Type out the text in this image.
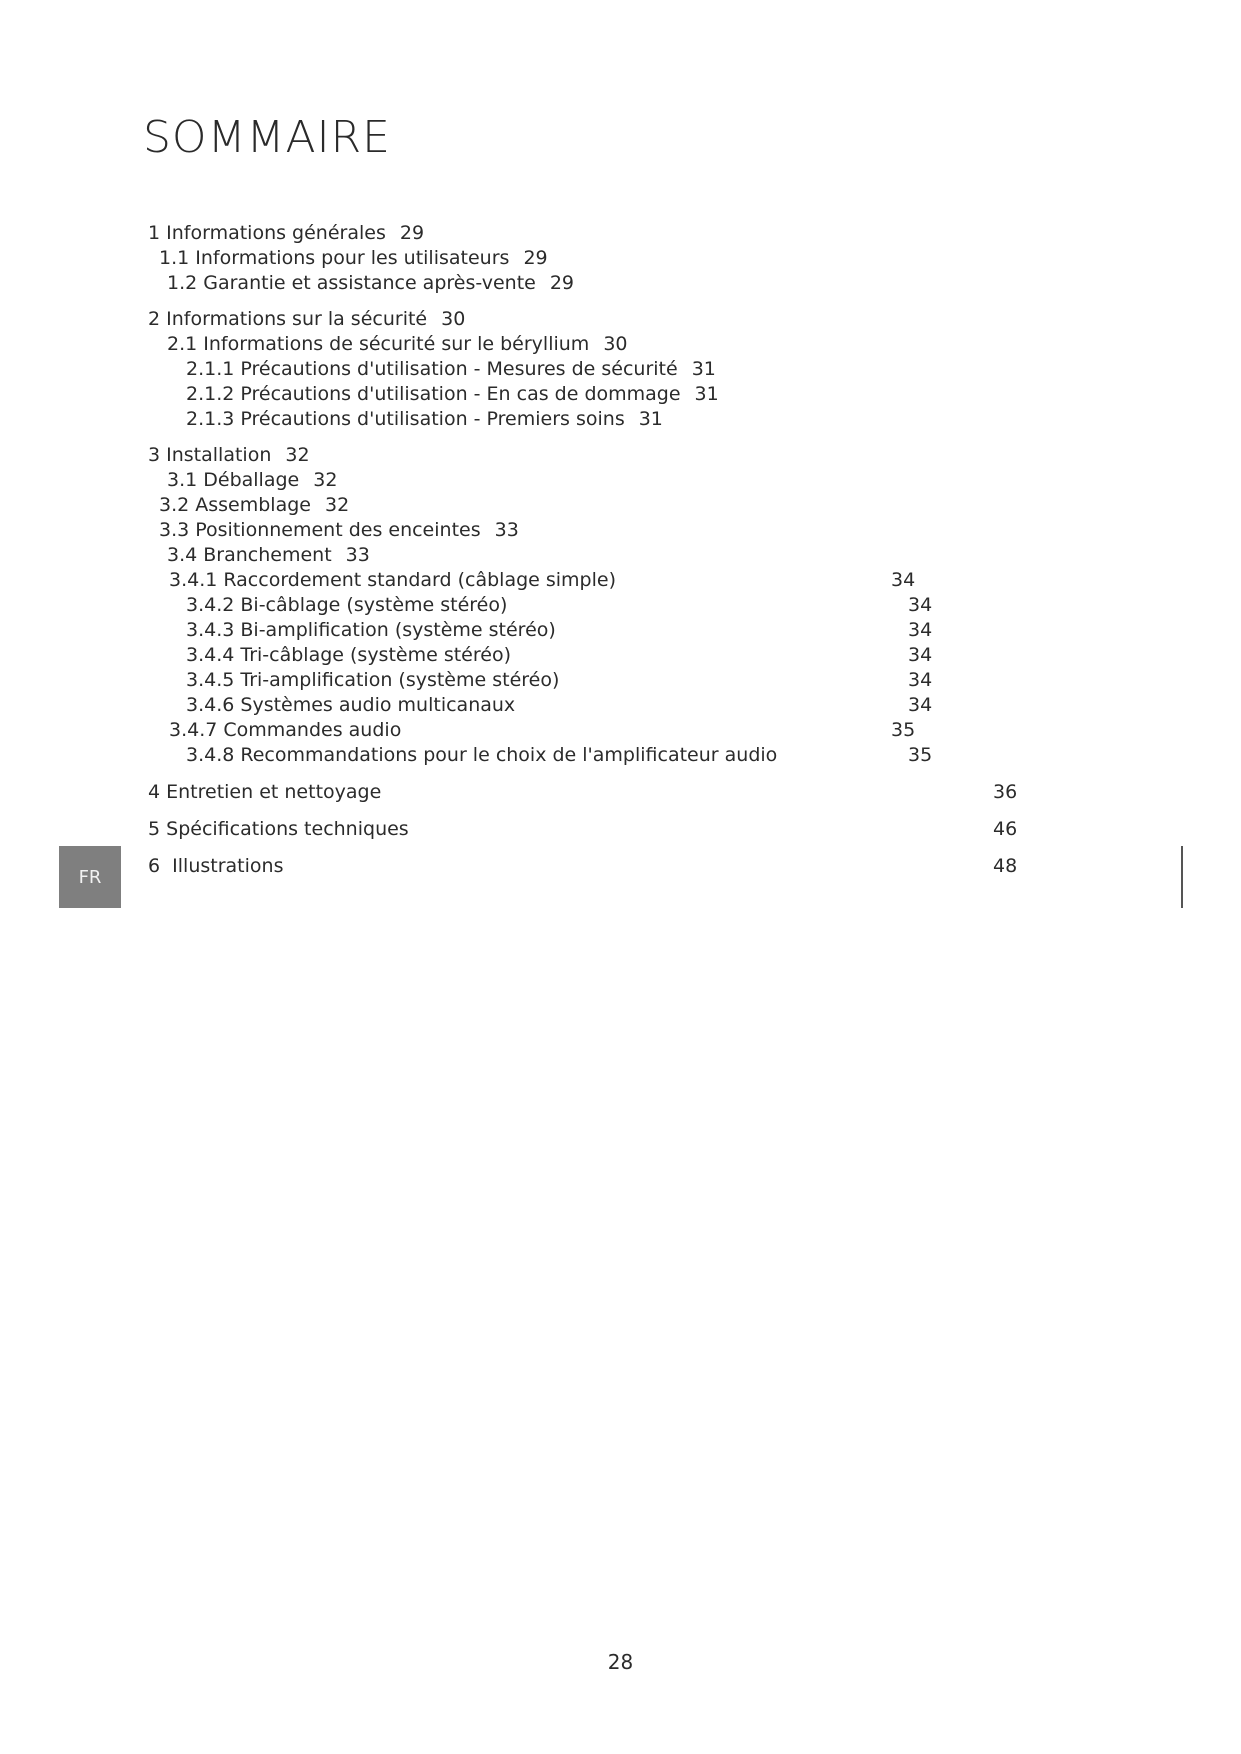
SOMMAIRE
1 Informations générales 29
1.1 Informations pour les utilisateurs 29
1.2 Garantie et assistance après-vente 29
2 Informations sur la sécurité 30
2.1 Informations de sécurité sur le béryllium 30
2.1.1 Précautions d'utilisation - Mesures de sécurité 31
2.1.2 Précautions d'utilisation - En cas de dommage 31
2.1.3 Précautions d'utilisation - Premiers soins 31
3 Installation 32
3.1 Déballage 32
3.2 Assemblage 32
3.3 Positionnement des enceintes 33
3.4 Branchement 33
3.4.1 Raccordement standard (câblage simple)	34
3.4.2 Bi-câblage (système stéréo)	34
3.4.3 Bi-amplification (système stéréo)	34
3.4.4 Tri-câblage (système stéréo)	34
3.4.5 Tri-amplification (système stéréo)	34
3.4.6 Systèmes audio multicanaux	34
3.4.7 Commandes audio	35
3.4.8 Recommandations pour le choix de l'amplificateur audio	35
4 Entretien et nettoyage	36
5 Spécifications techniques	46
6  Illustrations	48
FR
28
